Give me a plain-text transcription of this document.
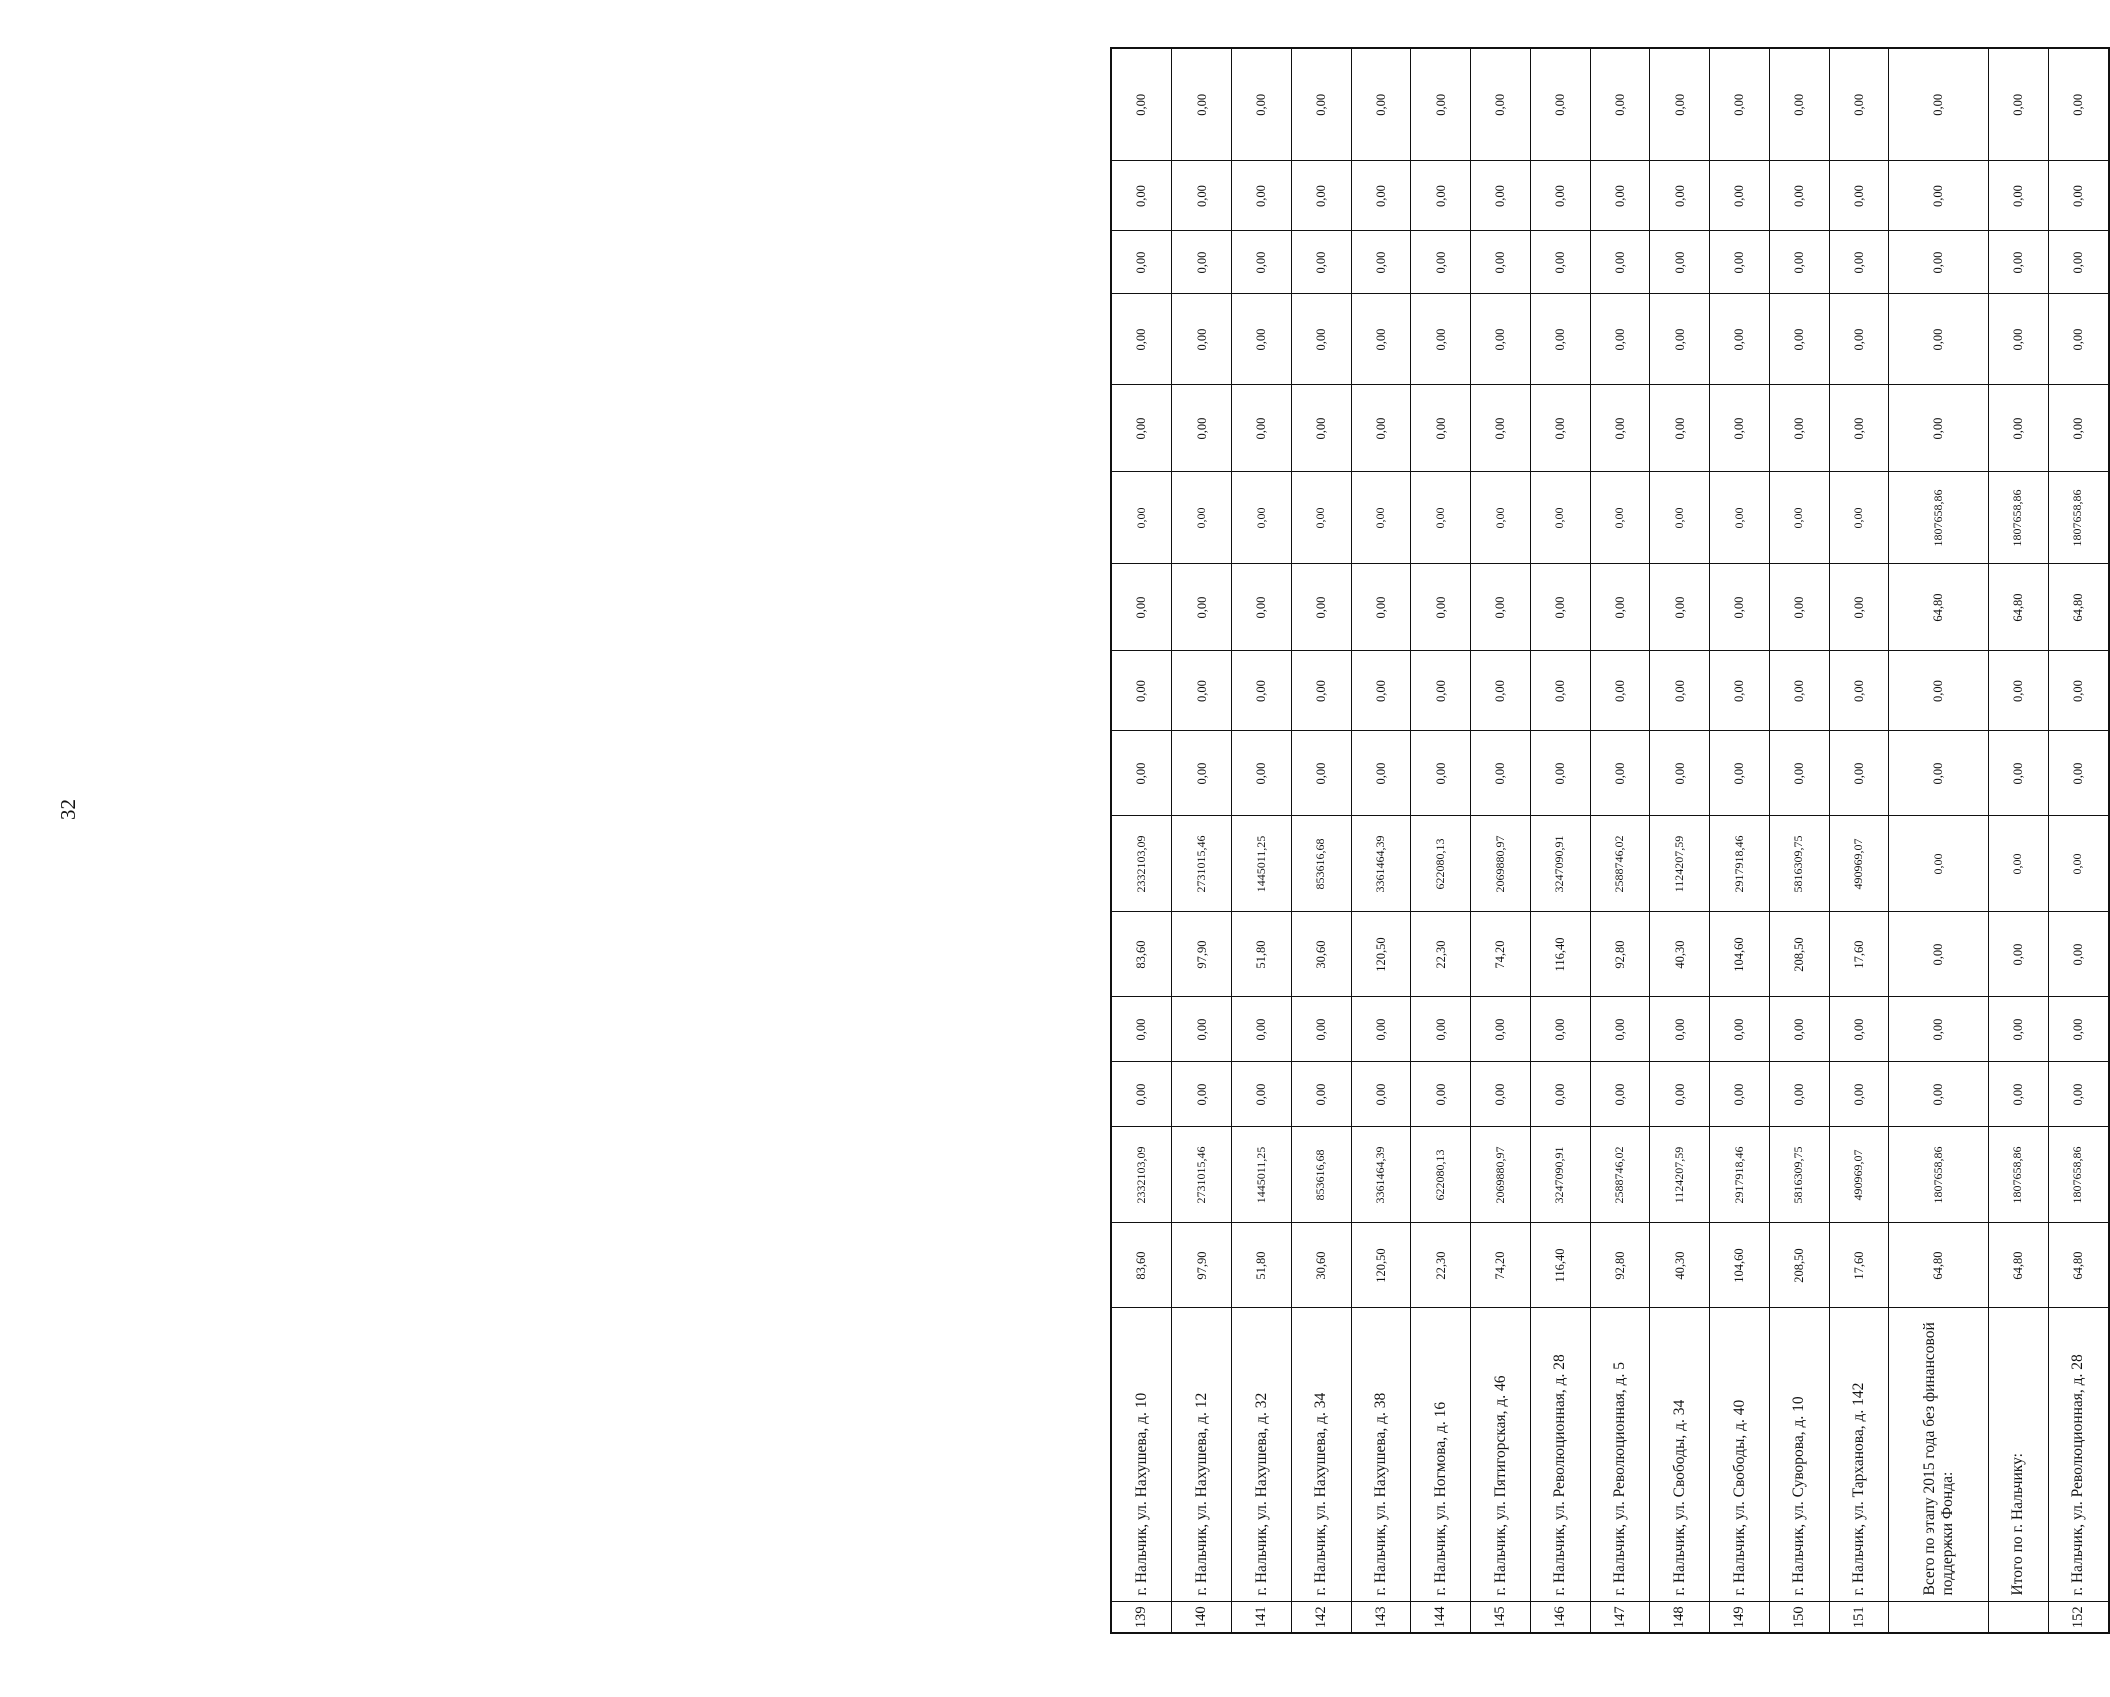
32
139	г. Нальчик, ул. Нахушева, д. 10	83,60	2332103,09	0,00	0,00	83,60	2332103,09	0,00	0,00	0,00	0,00	0,00	0,00	0,00	0,00	0,00
140	г. Нальчик, ул. Нахушева, д. 12	97,90	2731015,46	0,00	0,00	97,90	2731015,46	0,00	0,00	0,00	0,00	0,00	0,00	0,00	0,00	0,00
141	г. Нальчик, ул. Нахушева, д. 32	51,80	1445011,25	0,00	0,00	51,80	1445011,25	0,00	0,00	0,00	0,00	0,00	0,00	0,00	0,00	0,00
142	г. Нальчик, ул. Нахушева, д. 34	30,60	853616,68	0,00	0,00	30,60	853616,68	0,00	0,00	0,00	0,00	0,00	0,00	0,00	0,00	0,00
143	г. Нальчик, ул. Нахушева, д. 38	120,50	3361464,39	0,00	0,00	120,50	3361464,39	0,00	0,00	0,00	0,00	0,00	0,00	0,00	0,00	0,00
144	г. Нальчик, ул. Ногмова, д. 16	22,30	622080,13	0,00	0,00	22,30	622080,13	0,00	0,00	0,00	0,00	0,00	0,00	0,00	0,00	0,00
145	г. Нальчик, ул. Пятигорская, д. 46	74,20	2069880,97	0,00	0,00	74,20	2069880,97	0,00	0,00	0,00	0,00	0,00	0,00	0,00	0,00	0,00
146	г. Нальчик, ул. Революционная, д. 28	116,40	3247090,91	0,00	0,00	116,40	3247090,91	0,00	0,00	0,00	0,00	0,00	0,00	0,00	0,00	0,00
147	г. Нальчик, ул. Революционная, д. 5	92,80	2588746,02	0,00	0,00	92,80	2588746,02	0,00	0,00	0,00	0,00	0,00	0,00	0,00	0,00	0,00
148	г. Нальчик, ул. Свободы, д. 34	40,30	1124207,59	0,00	0,00	40,30	1124207,59	0,00	0,00	0,00	0,00	0,00	0,00	0,00	0,00	0,00
149	г. Нальчик, ул. Свободы, д. 40	104,60	2917918,46	0,00	0,00	104,60	2917918,46	0,00	0,00	0,00	0,00	0,00	0,00	0,00	0,00	0,00
150	г. Нальчик, ул. Суворова, д. 10	208,50	5816309,75	0,00	0,00	208,50	5816309,75	0,00	0,00	0,00	0,00	0,00	0,00	0,00	0,00	0,00
151	г. Нальчик, ул. Тарханова, д. 142	17,60	490969,07	0,00	0,00	17,60	490969,07	0,00	0,00	0,00	0,00	0,00	0,00	0,00	0,00	0,00
	Всего по этапу 2015 года без финансовой поддержки Фонда:	64,80	1807658,86	0,00	0,00	0,00	0,00	0,00	0,00	64,80	1807658,86	0,00	0,00	0,00	0,00	0,00
	Итого по г. Нальчику:	64,80	1807658,86	0,00	0,00	0,00	0,00	0,00	0,00	64,80	1807658,86	0,00	0,00	0,00	0,00	0,00
152	г. Нальчик, ул. Революционная, д. 28	64,80	1807658,86	0,00	0,00	0,00	0,00	0,00	0,00	64,80	1807658,86	0,00	0,00	0,00	0,00	0,00
